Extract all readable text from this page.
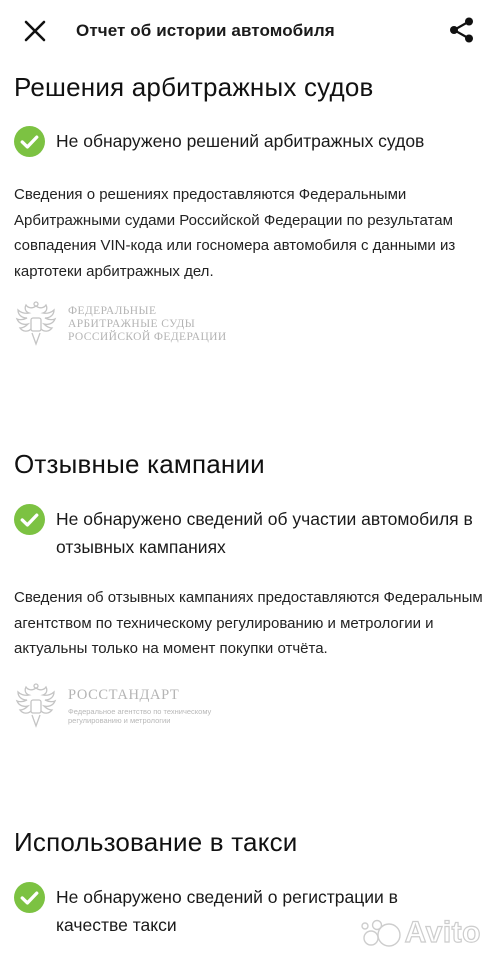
Отчет об истории автомобиля
Решения арбитражных судов
Не обнаружено решений арбитражных судов
Сведения о решениях предоставляются Федеральными Арбитражными судами Российской Федерации по результатам совпадения VIN-кода или госномера автомобиля с данными из картотеки арбитражных дел.
ФЕДЕРАЛЬНЫЕ
АРБИТРАЖНЫЕ СУДЫ
РОССИЙСКОЙ ФЕДЕРАЦИИ
Отзывные кампании
Не обнаружено сведений об участии автомобиля в отзывных кампаниях
Сведения об отзывных кампаниях предоставляются Федеральным агентством по техническому регулированию и метрологии и актуальны только на момент покупки отчёта.
РОССТАНДАРТ
Федеральное агентство по техническому
регулированию и метрологии
Использование в такси
Не обнаружено сведений о регистрации в качестве такси	Avito
